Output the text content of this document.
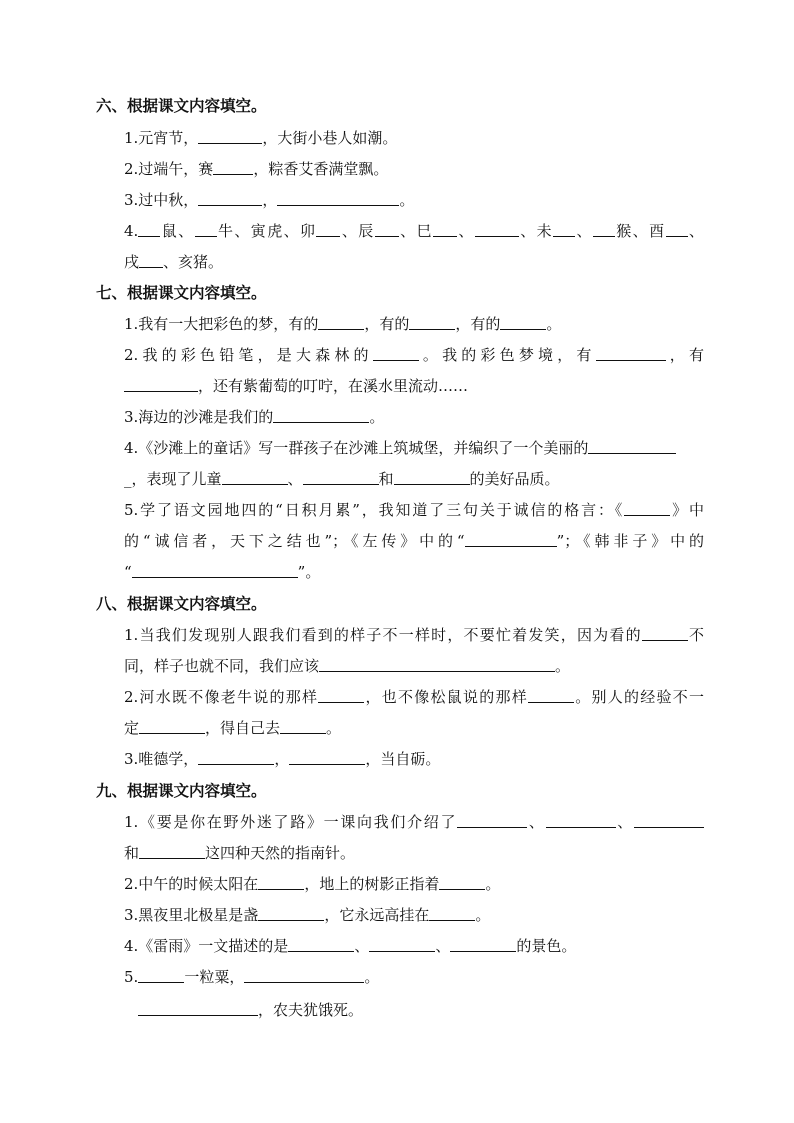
六、根据课文内容填空。
1.元宵节，	，大街小巷人如潮。
2.过端午，赛	，粽香艾香满堂飘。
3.过中秋，	，	。
4. 鼠、 牛、寅虎、卯 、辰 、巳 、	、未 、 猴、酉 、
戌 、亥猪。
七、根据课文内容填空。
1.我有一大把彩色的梦，有的	，有的	，有的	。
2.我的彩色铅笔，是大森林的	。我的彩色梦境，有	，有
，还有紫葡萄的叮咛，在溪水里流动……
3.海边的沙滩是我们的	。
4.《沙滩上的童话》写一群孩子在沙滩上筑城堡，并编织了一个美丽的
_，表现了儿童	、	和	的美好品质。
5.学了语文园地四的“日积月累”，我知道了三句关于诚信的格言：《	》中
的“诚信者，天下之结也”；《左传》中的“	”；《韩非子》中的
“	”。
八、根据课文内容填空。
1.当我们发现别人跟我们看到的样子不一样时，不要忙着发笑，因为看的	不
同，样子也就不同，我们应该	。
2.河水既不像老牛说的那样	，也不像松鼠说的那样	。别人的经验不一
定	，得自己去	。
3.唯德学，	，	，当自砺。
九、根据课文内容填空。
1.《要是你在野外迷了路》一课向我们介绍了	、	、
和	这四种天然的指南针。
2.中午的时候太阳在	，地上的树影正指着	。
3.黑夜里北极星是盏	，它永远高挂在	。
4.《雷雨》一文描述的是	、	、	的景色。
5.	一粒粟，	。
，农夫犹饿死。
